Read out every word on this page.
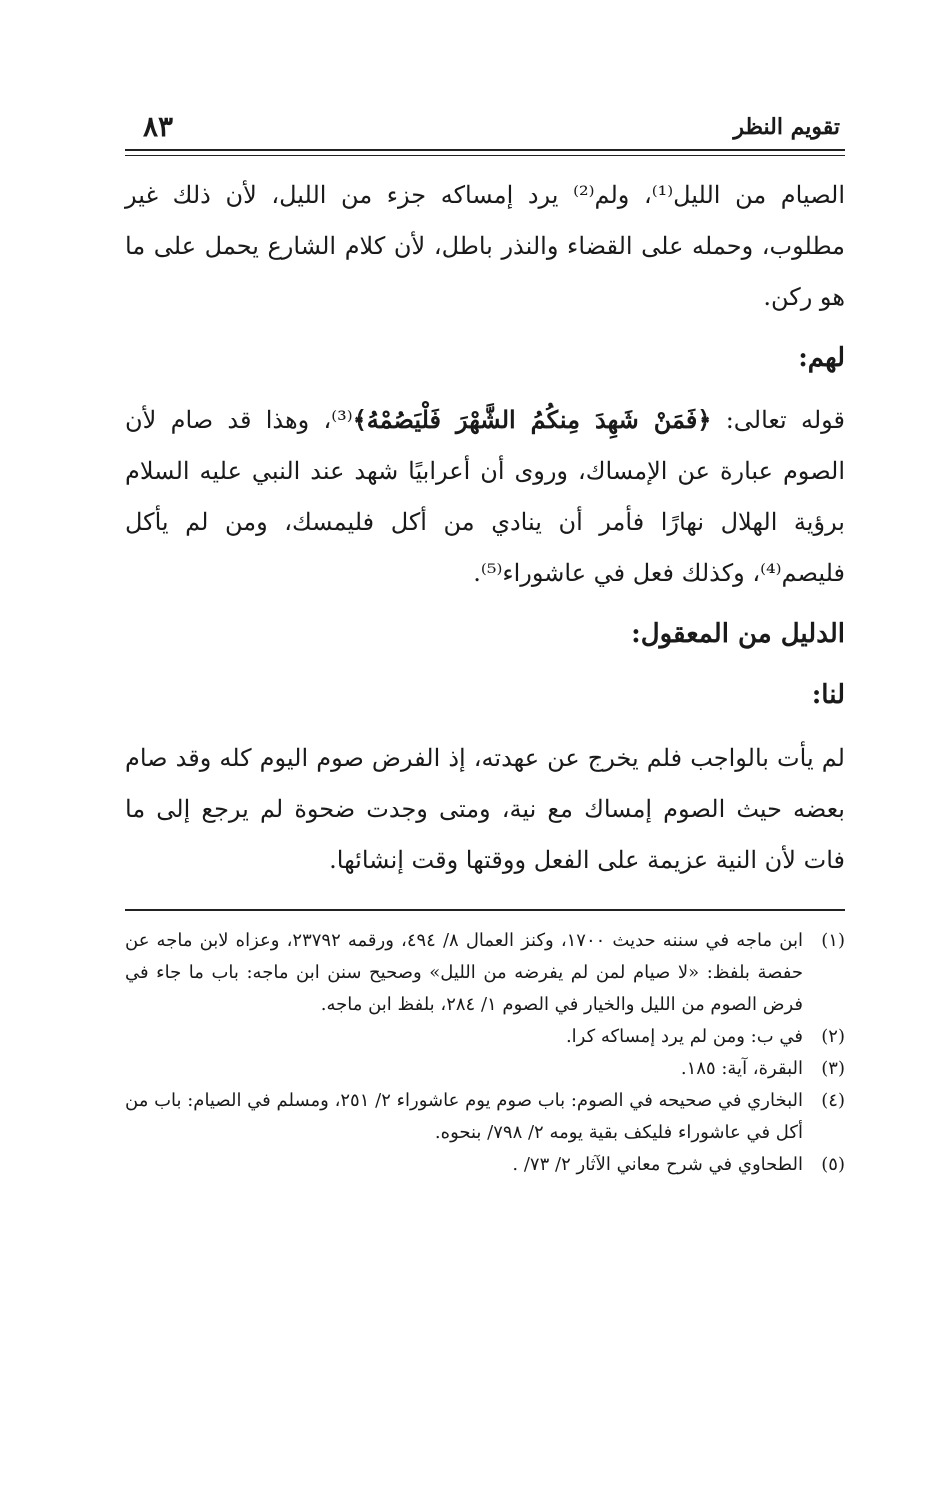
تقويم النظر
٨٣

الصيام من الليل⁽¹⁾، ولم⁽²⁾ يرد إمساكه جزء من الليل، لأن ذلك غير مطلوب، وحمله على القضاء والنذر باطل، لأن كلام الشارع يحمل على ما هو ركن.

لهم:

قوله تعالى: ﴿فَمَنْ شَهِدَ مِنكُمُ الشَّهْرَ فَلْيَصُمْهُ﴾⁽³⁾، وهذا قد صام لأن الصوم عبارة عن الإمساك، وروى أن أعرابيًا شهد عند النبي عليه السلام برؤية الهلال نهارًا فأمر أن ينادي من أكل فليمسك، ومن لم يأكل فليصم⁽⁴⁾، وكذلك فعل في عاشوراء⁽⁵⁾.

الدليل من المعقول:

لنا:

لم يأت بالواجب فلم يخرج عن عهدته، إذ الفرض صوم اليوم كله وقد صام بعضه حيث الصوم إمساك مع نية، ومتى وجدت ضحوة لم يرجع إلى ما فات لأن النية عزيمة على الفعل ووقتها وقت إنشائها.

(١)
ابن ماجه في سننه حديث ١٧٠٠، وكنز العمال ٨/ ٤٩٤، ورقمه ٢٣٧٩٢، وعزاه لابن ماجه عن حفصة بلفظ: «لا صيام لمن لم يفرضه من الليل» وصحيح سنن ابن ماجه: باب ما جاء في فرض الصوم من الليل والخيار في الصوم ١/ ٢٨٤، بلفظ ابن ماجه.
(٢)
في ب: ومن لم يرد إمساكه كرا.
(٣)
البقرة، آية: ١٨٥.
(٤)
البخاري في صحيحه في الصوم: باب صوم يوم عاشوراء ٢/ ٢٥١، ومسلم في الصيام: باب من أكل في عاشوراء فليكف بقية يومه ٢/ ٧٩٨/ بنحوه.
(٥)
الطحاوي في شرح معاني الآثار ٢/ ٧٣/ .
